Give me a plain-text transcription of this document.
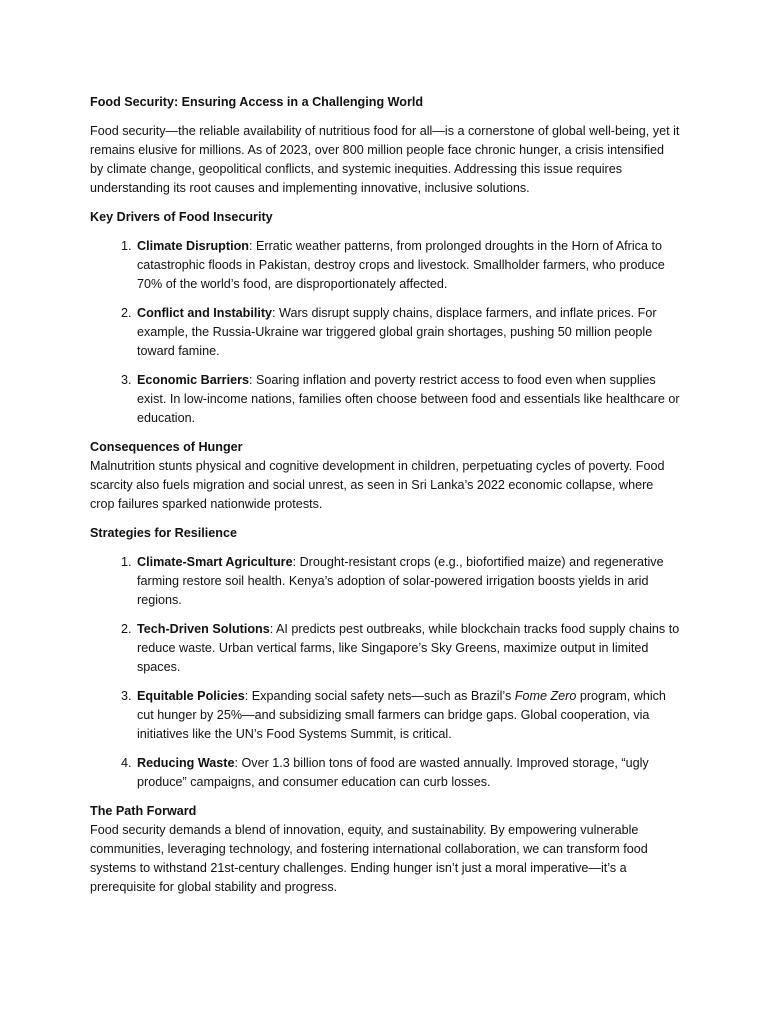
Food Security: Ensuring Access in a Challenging World

Food security—the reliable availability of nutritious food for all—is a cornerstone of global well-being, yet it remains elusive for millions. As of 2023, over 800 million people face chronic hunger, a crisis intensified by climate change, geopolitical conflicts, and systemic inequities. Addressing this issue requires understanding its root causes and implementing innovative, inclusive solutions.

Key Drivers of Food Insecurity
1. Climate Disruption: Erratic weather patterns, from prolonged droughts in the Horn of Africa to catastrophic floods in Pakistan, destroy crops and livestock. Smallholder farmers, who produce 70% of the world’s food, are disproportionately affected.
2. Conflict and Instability: Wars disrupt supply chains, displace farmers, and inflate prices. For example, the Russia-Ukraine war triggered global grain shortages, pushing 50 million people toward famine.
3. Economic Barriers: Soaring inflation and poverty restrict access to food even when supplies exist. In low-income nations, families often choose between food and essentials like healthcare or education.
Consequences of Hunger

Malnutrition stunts physical and cognitive development in children, perpetuating cycles of poverty. Food scarcity also fuels migration and social unrest, as seen in Sri Lanka’s 2022 economic collapse, where crop failures sparked nationwide protests.

Strategies for Resilience
1. Climate-Smart Agriculture: Drought-resistant crops (e.g., biofortified maize) and regenerative farming restore soil health. Kenya’s adoption of solar-powered irrigation boosts yields in arid regions.
2. Tech-Driven Solutions: AI predicts pest outbreaks, while blockchain tracks food supply chains to reduce waste. Urban vertical farms, like Singapore’s Sky Greens, maximize output in limited spaces.
3. Equitable Policies: Expanding social safety nets—such as Brazil’s Fome Zero program, which cut hunger by 25%—and subsidizing small farmers can bridge gaps. Global cooperation, via initiatives like the UN’s Food Systems Summit, is critical.
4. Reducing Waste: Over 1.3 billion tons of food are wasted annually. Improved storage, “ugly produce” campaigns, and consumer education can curb losses.
The Path Forward

Food security demands a blend of innovation, equity, and sustainability. By empowering vulnerable communities, leveraging technology, and fostering international collaboration, we can transform food systems to withstand 21st-century challenges. Ending hunger isn’t just a moral imperative—it’s a prerequisite for global stability and progress.
